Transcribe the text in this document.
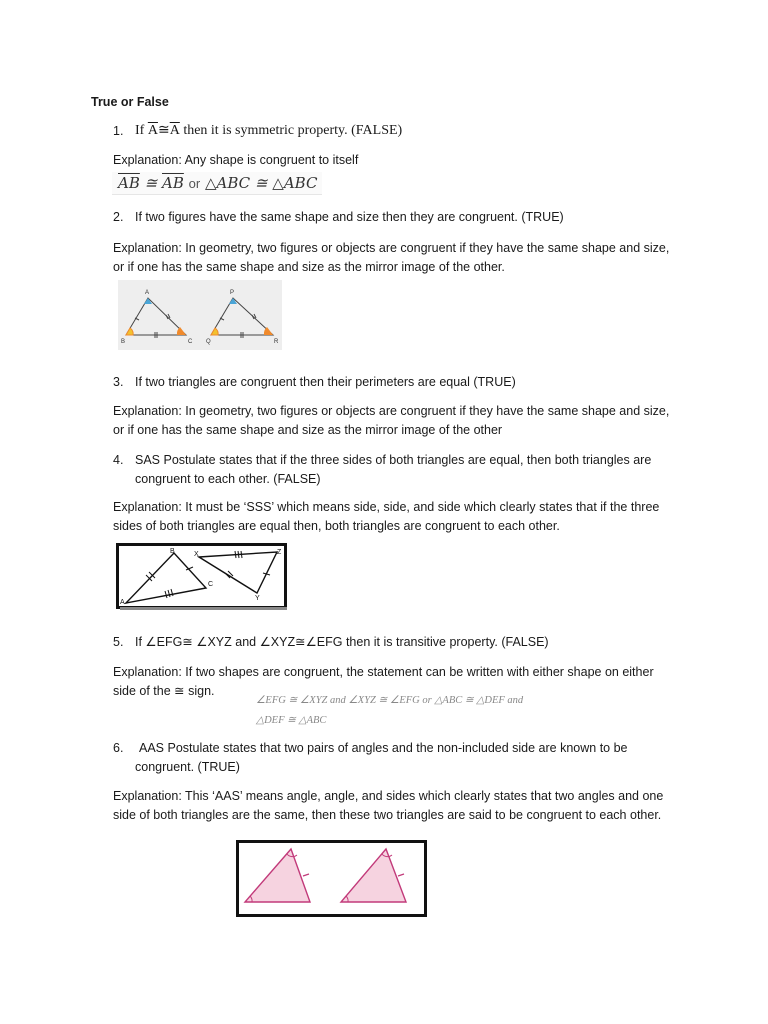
True or False
1. If $\overline{A}≅\overline{A}$ then it is symmetric property. (FALSE)
Explanation: Any shape is congruent to itself
$\overline{AB}$ ≅ $\overline{AB}$ or △ABC ≅ △ABC
2. If two figures have the same shape and size then they are congruent. (TRUE)
Explanation: In geometry, two figures or objects are congruent if they have the same shape and size,
or if one has the same shape and size as the mirror image of the other.
A
B	C
P
Q	R
3. If two triangles are congruent then their perimeters are equal (TRUE)
Explanation: In geometry, two figures or objects are congruent if they have the same shape and size,
or if one has the same shape and size as the mirror image of the other
4. SAS Postulate states that if the three sides of both triangles are equal, then both triangles are
congruent to each other. (FALSE)
Explanation: It must be ‘SSS’ which means side, side, and side which clearly states that if the three
sides of both triangles are equal then, both triangles are congruent to each other.
B	X	Z
C
A
Y
5. If ∠EFG≅ ∠XYZ and ∠XYZ≅∠EFG then it is transitive property. (FALSE)
Explanation: If two shapes are congruent, the statement can be written with either shape on either
side of the ≅ sign.
∠EFG ≅ ∠XYZ and ∠XYZ ≅ ∠EFG or △ABC ≅ △DEF and
△DEF ≅ △ABC
6. AAS Postulate states that two pairs of angles and the non-included side are known to be
congruent. (TRUE)
Explanation: This ‘AAS’ means angle, angle, and sides which clearly states that two angles and one
side of both triangles are the same, then these two triangles are said to be congruent to each other.
